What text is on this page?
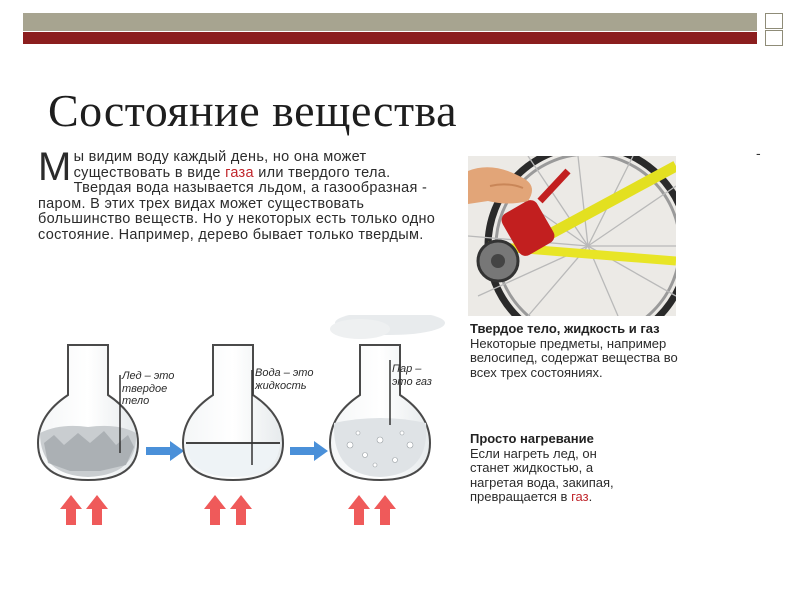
Состояние вещества
Мы видим воду каждый день, но она может существовать в виде газа или твердого тела. Твердая вода называется льдом, а газообразная - паром. В этих трех видах может существовать большинство веществ. Но у некоторых есть только одно состояние. Например, дерево бывает только твердым.
-
Твердое тело, жидкость и газ
Некоторые предметы, например
велосипед, содержат вещества во
всех трех состояниях.
Просто нагревание
Если нагреть лед, он
станет жидкостью, а
нагретая вода, закипая,
превращается в газ.
Лед – это
твердое
тело
Вода – это
жидкость
Пар –
это газ
